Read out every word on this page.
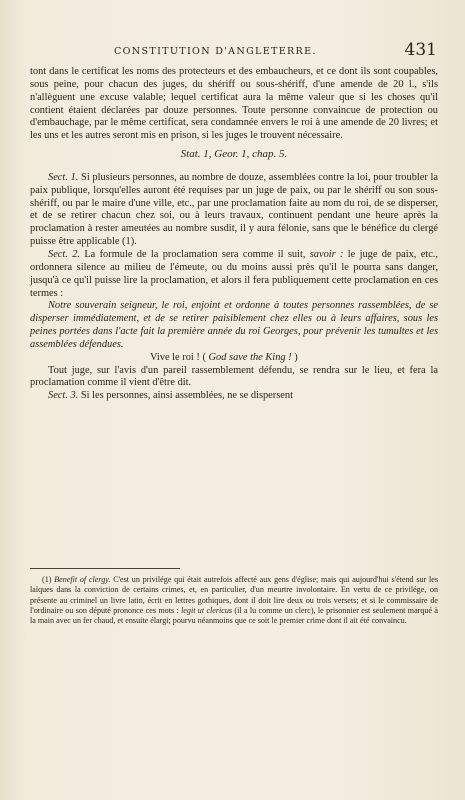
CONSTITUTION D'ANGLETERRE.	431

tont dans le certificat les noms des protecteurs et des embaucheurs, et ce dont ils sont coupables, sous peine, pour chacun des juges, du shériff ou sous-shériff, d'une amende de 20 l., s'ils n'allèguent une excuse valable; lequel certificat aura la même valeur que si les choses qu'il contient étaient déclarées par douze personnes. Toute personne convaincue de protection ou d'embauchage, par le même certificat, sera condamnée envers le roi à une amende de 20 livres; et les uns et les autres seront mis en prison, si les juges le trouvent nécessaire.

Stat. 1, Geor. 1, chap. 5.

Sect. 1. Si plusieurs personnes, au nombre de douze, assemblées contre la loi, pour troubler la paix publique, lorsqu'elles auront été requises par un juge de paix, ou par le shériff ou son sous-shériff, ou par le maire d'une ville, etc., par une proclamation faite au nom du roi, de se disperser, et de se retirer chacun chez soi, ou à leurs travaux, continuent pendant une heure après la proclamation à rester ameutées au nombre susdit, il y aura félonie, sans que le bénéfice du clergé puisse être applicable (1).

Sect. 2. La formule de la proclamation sera comme il suit, savoir : le juge de paix, etc., ordonnera silence au milieu de l'émeute, ou du moins aussi près qu'il le pourra sans danger, jusqu'à ce qu'il puisse lire la proclamation, et alors il fera publiquement cette proclamation en ces termes :

Notre souverain seigneur, le roi, enjoint et ordonne à toutes personnes rassemblées, de se disperser immédiatement, et de se retirer paisiblement chez elles ou à leurs affaires, sous les peines portées dans l'acte fait la première année du roi Georges, pour prévenir les tumultes et les assemblées défendues.

Vive le roi ! ( God save the King ! )

Tout juge, sur l'avis d'un pareil rassemblement défendu, se rendra sur le lieu, et fera la proclamation comme il vient d'être dit.

Sect. 3. Si les personnes, ainsi assemblées, ne se dispersent

(1) Benefit of clergy. C'est un privilége qui était autrefois affecté aux gens d'église; mais qui aujourd'hui s'étend sur les laïques dans la conviction de certains crimes, et, en particulier, d'un meurtre involontaire. En vertu de ce privilége, on présente au criminel un livre latin, écrit en lettres gothiques, dont il doit lire deux ou trois versets; et si le commissaire de l'ordinaire ou son député prononce ces mots : legit ut clericus (il a lu comme un clerc), le prisonnier est seulement marqué à la main avec un fer chaud, et ensuite élargi; pourvu néanmoins que ce soit le premier crime dont il ait été convaincu.
